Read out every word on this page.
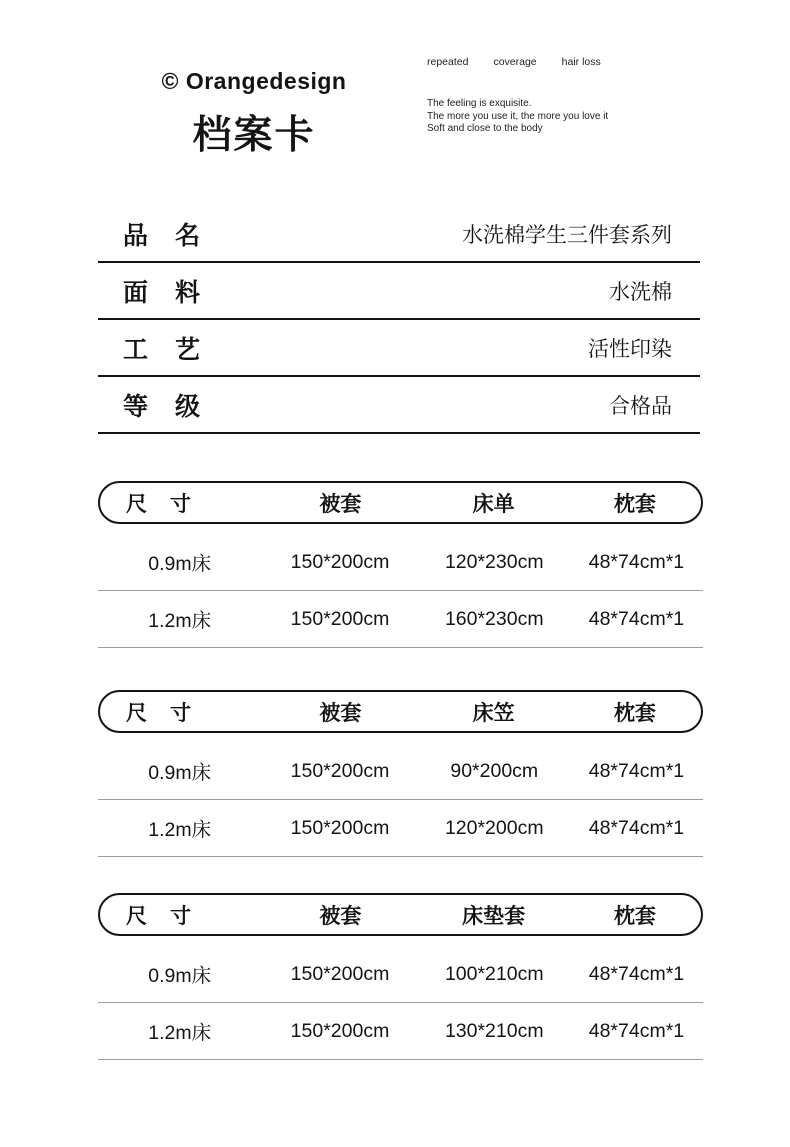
© Orangedesign
档案卡
repeated coverage hair loss
The feeling is exquisite.
The more you use it, the more you love it
Soft and close to the body
品　名	水洗棉学生三件套系列
面　料	水洗棉
工　艺	活性印染
等　级	合格品
尺　寸	被套	床单	枕套
0.9m床	150*200cm	120*230cm	48*74cm*1
1.2m床	150*200cm	160*230cm	48*74cm*1
尺　寸	被套	床笠	枕套
0.9m床	150*200cm	90*200cm	48*74cm*1
1.2m床	150*200cm	120*200cm	48*74cm*1
尺　寸	被套	床垫套	枕套
0.9m床	150*200cm	100*210cm	48*74cm*1
1.2m床	150*200cm	130*210cm	48*74cm*1
